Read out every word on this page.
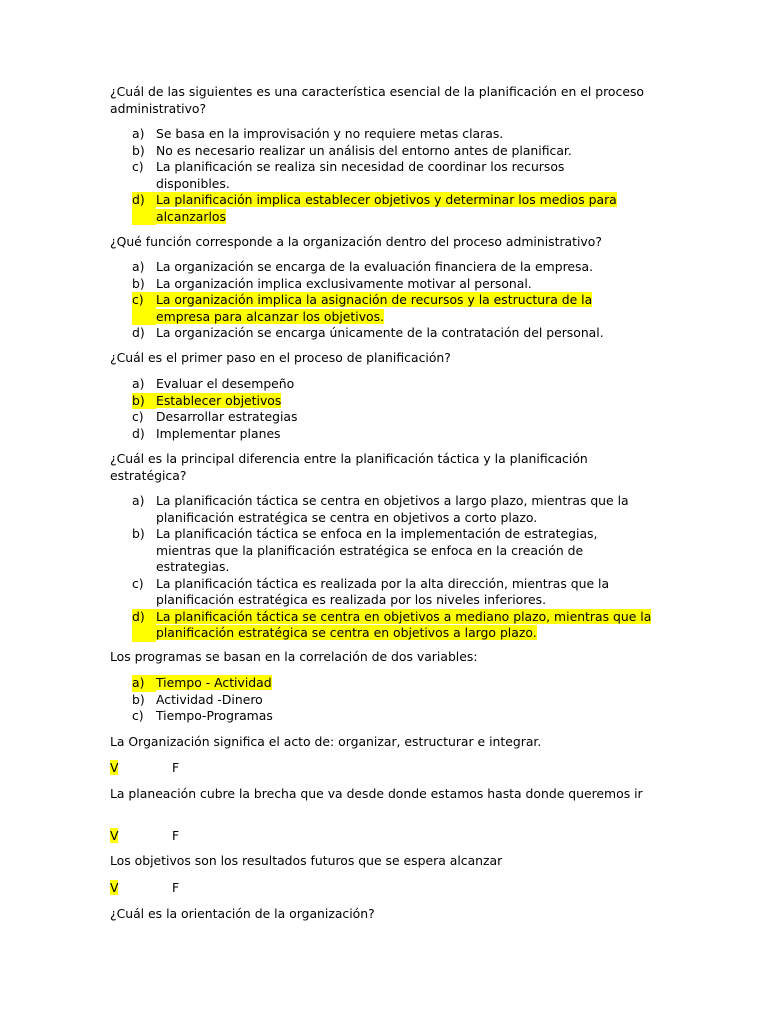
¿Cuál de las siguientes es una característica esencial de la planificación en el proceso administrativo?
a) Se basa en la improvisación y no requiere metas claras.
b) No es necesario realizar un análisis del entorno antes de planificar.
c) La planificación se realiza sin necesidad de coordinar los recursos disponibles.
d) La planificación implica establecer objetivos y determinar los medios para alcanzarlos
¿Qué función corresponde a la organización dentro del proceso administrativo?
a) La organización se encarga de la evaluación financiera de la empresa.
b) La organización implica exclusivamente motivar al personal.
c) La organización implica la asignación de recursos y la estructura de la empresa para alcanzar los objetivos.
d) La organización se encarga únicamente de la contratación del personal.
¿Cuál es el primer paso en el proceso de planificación?
a) Evaluar el desempeño
b) Establecer objetivos
c) Desarrollar estrategias
d) Implementar planes
¿Cuál es la principal diferencia entre la planificación táctica y la planificación estratégica?
a) La planificación táctica se centra en objetivos a largo plazo, mientras que la planificación estratégica se centra en objetivos a corto plazo.
b) La planificación táctica se enfoca en la implementación de estrategias, mientras que la planificación estratégica se enfoca en la creación de estrategias.
c) La planificación táctica es realizada por la alta dirección, mientras que la planificación estratégica es realizada por los niveles inferiores.
d) La planificación táctica se centra en objetivos a mediano plazo, mientras que la planificación estratégica se centra en objetivos a largo plazo.
Los programas se basan en la correlación de dos variables:
a) Tiempo - Actividad
b) Actividad -Dinero
c) Tiempo-Programas
La Organización significa el acto de: organizar, estructurar e integrar.
V	F
La planeación cubre la brecha que va desde donde estamos hasta donde queremos ir
V	F
Los objetivos son los resultados futuros que se espera alcanzar
V	F
¿Cuál es la orientación de la organización?
